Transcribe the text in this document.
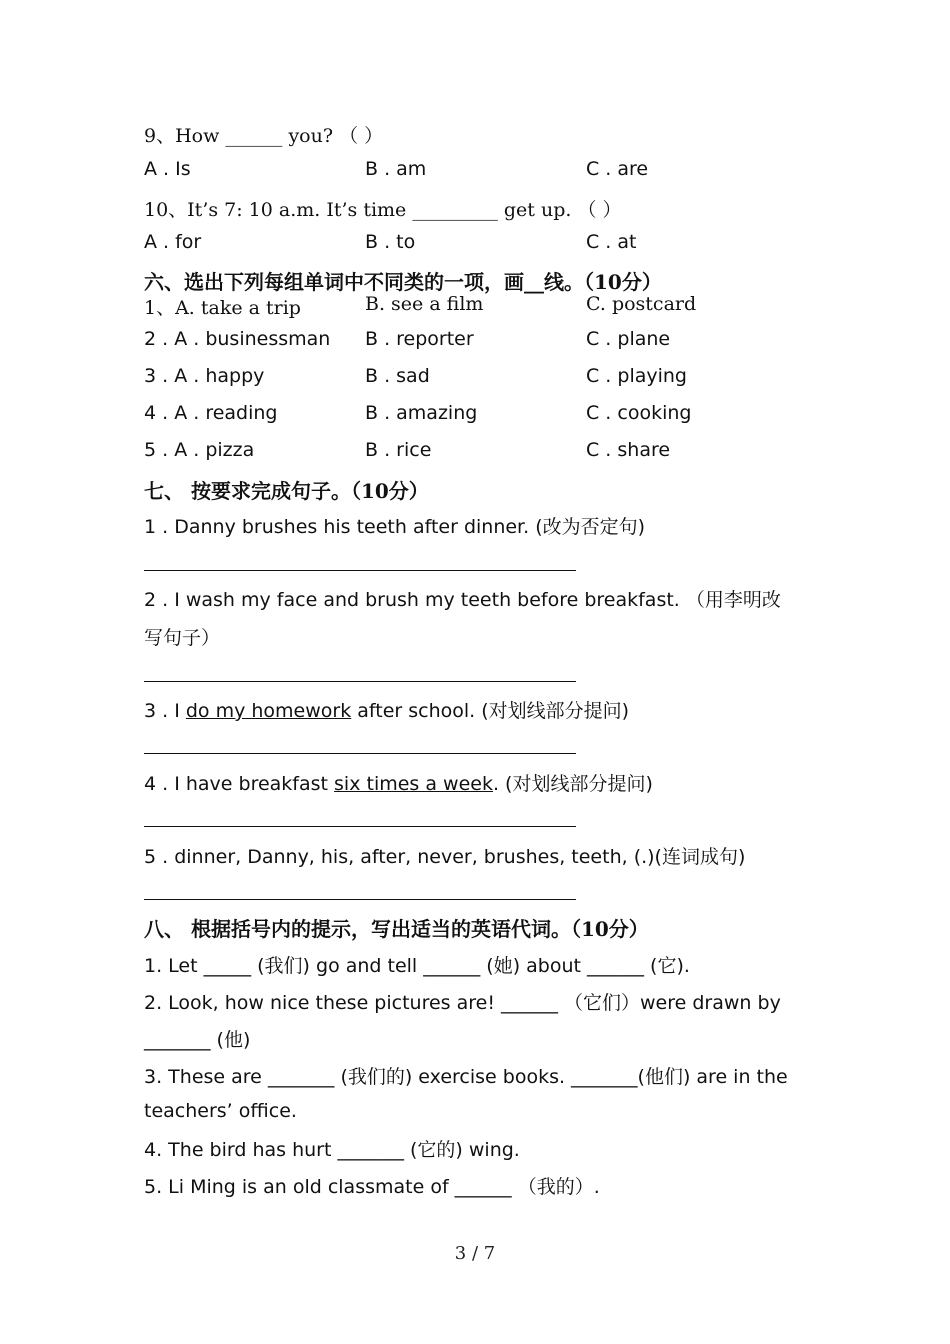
9、How ______ you? （ ）
A . Is	B . am	C . are
10、It’s 7: 10 a.m. It’s time _________ get up. （ ）
A . for	B . to	C . at
六、选出下列每组单词中不同类的一项，画__线。（10分）
1、A. take a trip	B. see a film	C. postcard
2 . A . businessman B . reporter	C . plane
3 . A . happy	B . sad	C . playing
4 . A . reading	B . amazing	C . cooking
5 . A . pizza	B . rice	C . share
七、 按要求完成句子。（10分）
1 . Danny brushes his teeth after dinner. (改为否定句)
2 . I wash my face and brush my teeth before breakfast. （用李明改
写句子）
3 . I do my homework after school. (对划线部分提问)
4 . I have breakfast six times a week. (对划线部分提问)
5 . dinner, Danny, his, after, never, brushes, teeth, (.)(连词成句)
八、 根据括号内的提示，写出适当的英语代词。（10分）
1. Let _____ (我们) go and tell ______ (她) about ______ (它).
2. Look, how nice these pictures are! ______ （它们）were drawn by
_______ (他)
3. These are _______ (我们的) exercise books. _______(他们) are in the
teachers’ office.
4. The bird has hurt _______ (它的) wing.
5. Li Ming is an old classmate of ______ （我的）.
3 / 7
